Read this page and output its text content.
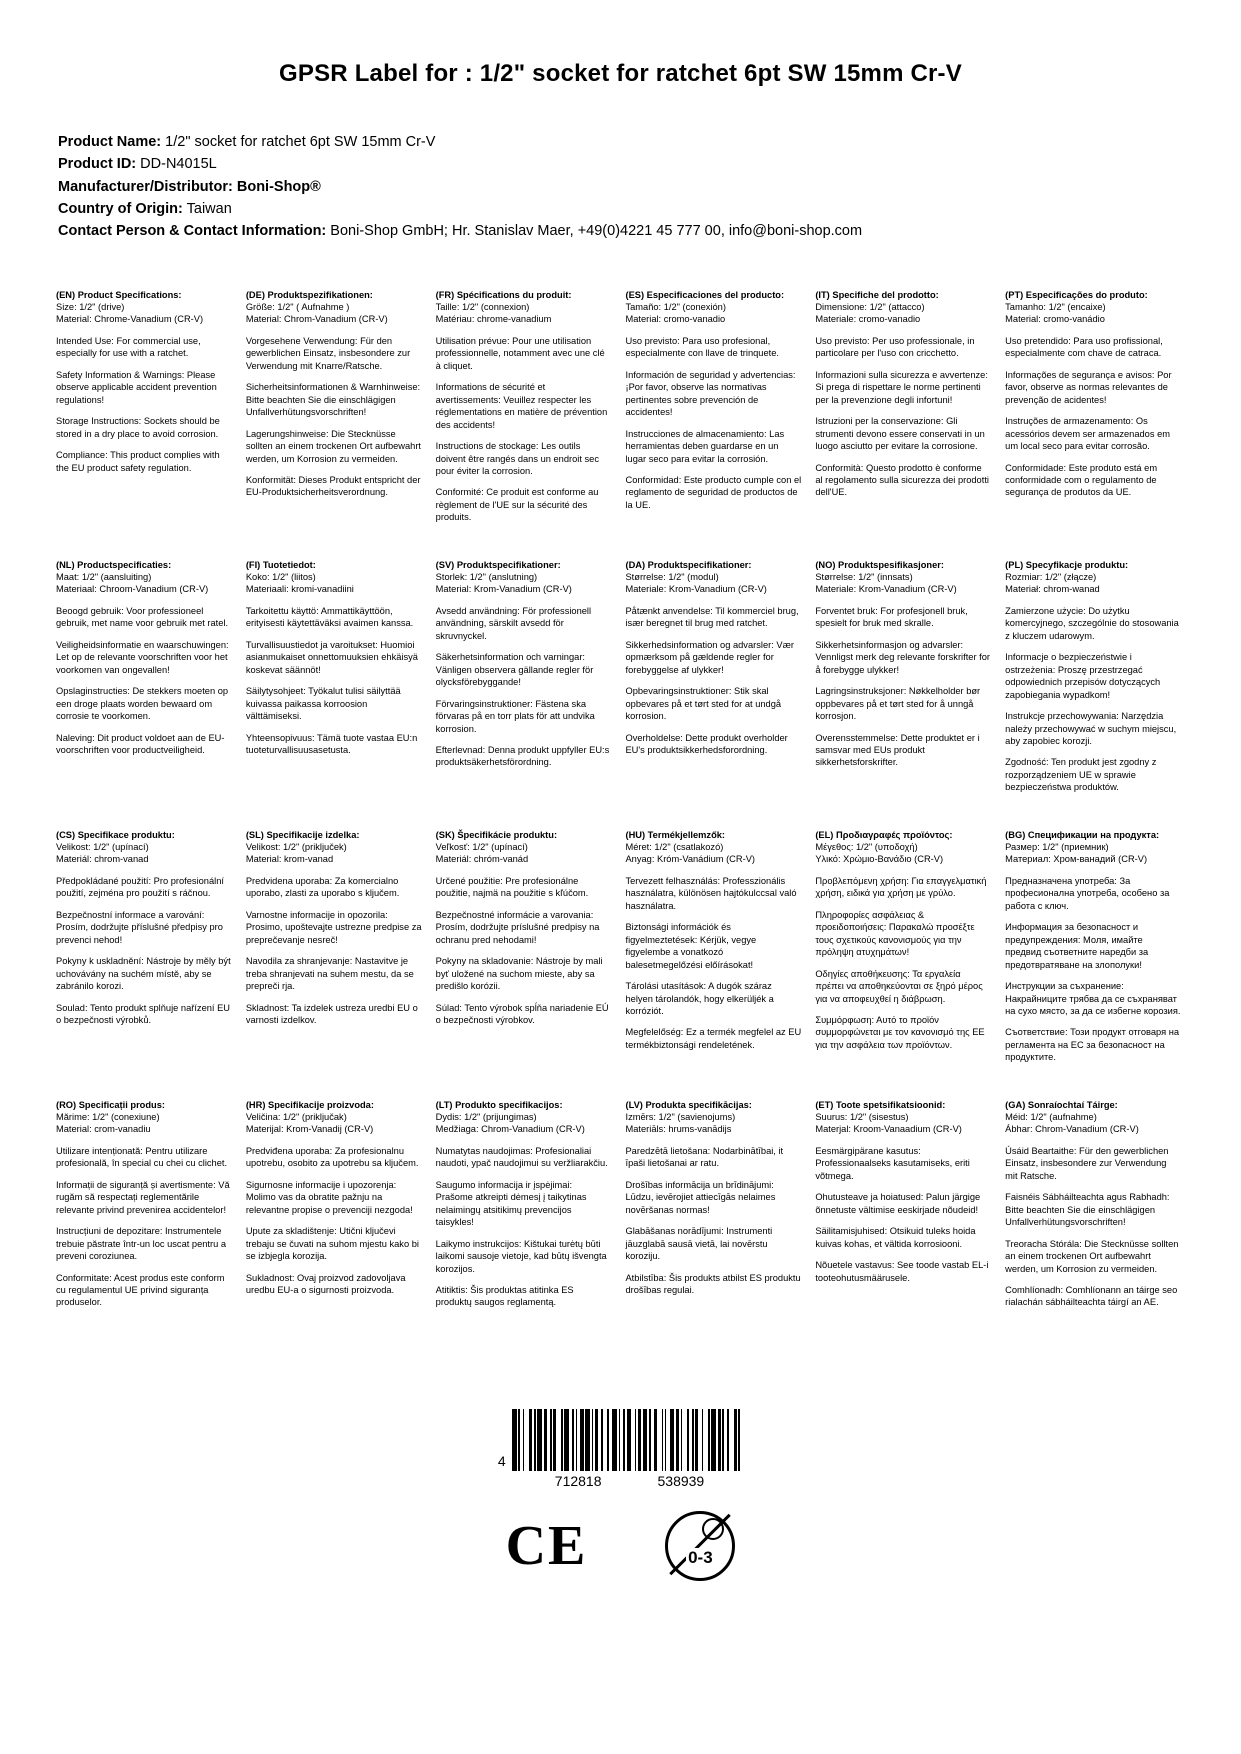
GPSR Label for : 1/2" socket for ratchet 6pt SW 15mm Cr-V
Product Name: 1/2" socket for ratchet 6pt SW 15mm Cr-V
Product ID: DD-N4015L
Manufacturer/Distributor: Boni-Shop®
Country of Origin: Taiwan
Contact Person & Contact Information: Boni-Shop GmbH; Hr. Stanislav Maer, +49(0)4221 45 777 00, info@boni-shop.com
(EN) Product Specifications:

Size: 1/2" (drive)

Material: Chrome-Vanadium (CR-V)

Intended Use: For commercial use, especially for use with a ratchet.

Safety Information & Warnings: Please observe applicable accident prevention regulations!

Storage Instructions: Sockets should be stored in a dry place to avoid corrosion.

Compliance: This product complies with the EU product safety regulation.

(DE) Produktspezifikationen:

Größe: 1/2" ( Aufnahme )

Material: Chrom-Vanadium (CR-V)

Vorgesehene Verwendung: Für den gewerblichen Einsatz, insbesondere zur Verwendung mit Knarre/Ratsche.

Sicherheitsinformationen & Warnhinweise: Bitte beachten Sie die einschlägigen Unfallverhütungsvorschriften!

Lagerungshinweise: Die Stecknüsse sollten an einem trockenen Ort aufbewahrt werden, um Korrosion zu vermeiden.

Konformität: Dieses Produkt entspricht der EU-Produktsicherheitsverordnung.

(FR) Spécifications du produit:

Taille: 1/2" (connexion)

Matériau: chrome-vanadium

Utilisation prévue: Pour une utilisation professionnelle, notamment avec une clé à cliquet.

Informations de sécurité et avertissements: Veuillez respecter les réglementations en matière de prévention des accidents!

Instructions de stockage: Les outils doivent être rangés dans un endroit sec pour éviter la corrosion.

Conformité: Ce produit est conforme au règlement de l'UE sur la sécurité des produits.

(ES) Especificaciones del producto:

Tamaño: 1/2" (conexión)

Material: cromo-vanadio

Uso previsto: Para uso profesional, especialmente con llave de trinquete.

Información de seguridad y advertencias: ¡Por favor, observe las normativas pertinentes sobre prevención de accidentes!

Instrucciones de almacenamiento: Las herramientas deben guardarse en un lugar seco para evitar la corrosión.

Conformidad: Este producto cumple con el reglamento de seguridad de productos de la UE.

(IT) Specifiche del prodotto:

Dimensione: 1/2" (attacco)

Materiale: cromo-vanadio

Uso previsto: Per uso professionale, in particolare per l'uso con cricchetto.

Informazioni sulla sicurezza e avvertenze: Si prega di rispettare le norme pertinenti per la prevenzione degli infortuni!

Istruzioni per la conservazione: Gli strumenti devono essere conservati in un luogo asciutto per evitare la corrosione.

Conformità: Questo prodotto è conforme al regolamento sulla sicurezza dei prodotti dell'UE.

(PT) Especificações do produto:

Tamanho: 1/2" (encaixe)

Material: cromo-vanádio

Uso pretendido: Para uso profissional, especialmente com chave de catraca.

Informações de segurança e avisos: Por favor, observe as normas relevantes de prevenção de acidentes!

Instruções de armazenamento: Os acessórios devem ser armazenados em um local seco para evitar corrosão.

Conformidade: Este produto está em conformidade com o regulamento de segurança de produtos da UE.

(NL) Productspecificaties:

Maat: 1/2" (aansluiting)

Materiaal: Chroom-Vanadium (CR-V)

Beoogd gebruik: Voor professioneel gebruik, met name voor gebruik met ratel.

Veiligheidsinformatie en waarschuwingen: Let op de relevante voorschriften voor het voorkomen van ongevallen!

Opslaginstructies: De stekkers moeten op een droge plaats worden bewaard om corrosie te voorkomen.

Naleving: Dit product voldoet aan de EU-voorschriften voor productveiligheid.

(FI) Tuotetiedot:

Koko: 1/2" (liitos)

Materiaali: kromi-vanadiini

Tarkoitettu käyttö: Ammattikäyttöön, erityisesti käytettäväksi avaimen kanssa.

Turvallisuustiedot ja varoitukset: Huomioi asianmukaiset onnettomuuksien ehkäisyä koskevat säännöt!

Säilytysohjeet: Työkalut tulisi säilyttää kuivassa paikassa korroosion välttämiseksi.

Yhteensopivuus: Tämä tuote vastaa EU:n tuoteturvallisuusasetusta.

(SV) Produktspecifikationer:

Storlek: 1/2" (anslutning)

Material: Krom-Vanadium (CR-V)

Avsedd användning: För professionell användning, särskilt avsedd för skruvnyckel.

Säkerhetsinformation och varningar: Vänligen observera gällande regler för olycksförebyggande!

Förvaringsinstruktioner: Fästena ska förvaras på en torr plats för att undvika korrosion.

Efterlevnad: Denna produkt uppfyller EU:s produktsäkerhetsförordning.

(DA) Produktspecifikationer:

Størrelse: 1/2" (modul)

Materiale: Krom-Vanadium (CR-V)

Påtænkt anvendelse: Til kommerciel brug, især beregnet til brug med ratchet.

Sikkerhedsinformation og advarsler: Vær opmærksom på gældende regler for forebyggelse af ulykker!

Opbevaringsinstruktioner: Stik skal opbevares på et tørt sted for at undgå korrosion.

Overholdelse: Dette produkt overholder EU's produktsikkerhedsforordning.

(NO) Produktspesifikasjoner:

Størrelse: 1/2" (innsats)

Materiale: Krom-Vanadium (CR-V)

Forventet bruk: For profesjonell bruk, spesielt for bruk med skralle.

Sikkerhetsinformasjon og advarsler: Vennligst merk deg relevante forskrifter for å forebygge ulykker!

Lagringsinstruksjoner: Nøkkelholder bør oppbevares på et tørt sted for å unngå korrosjon.

Overensstemmelse: Dette produktet er i samsvar med EUs produkt sikkerhetsforskrifter.

(PL) Specyfikacje produktu:

Rozmiar: 1/2" (złącze)

Materiał: chrom-wanad

Zamierzone użycie: Do użytku komercyjnego, szczególnie do stosowania z kluczem udarowym.

Informacje o bezpieczeństwie i ostrzeżenia: Proszę przestrzegać odpowiednich przepisów dotyczących zapobiegania wypadkom!

Instrukcje przechowywania: Narzędzia należy przechowywać w suchym miejscu, aby zapobiec korozji.

Zgodność: Ten produkt jest zgodny z rozporządzeniem UE w sprawie bezpieczeństwa produktów.

(CS) Specifikace produktu:

Velikost: 1/2" (upínací)

Materiál: chrom-vanad

Předpokládané použití: Pro profesionální použití, zejména pro použití s ráčnou.

Bezpečnostní informace a varování: Prosím, dodržujte příslušné předpisy pro prevenci nehod!

Pokyny k uskladnění: Nástroje by měly být uchovávány na suchém místě, aby se zabránilo korozi.

Soulad: Tento produkt splňuje nařízení EU o bezpečnosti výrobků.

(SL) Specifikacije izdelka:

Velikost: 1/2" (priključek)

Material: krom-vanad

Predvidena uporaba: Za komercialno uporabo, zlasti za uporabo s ključem.

Varnostne informacije in opozorila: Prosimo, upoštevajte ustrezne predpise za preprečevanje nesreč!

Navodila za shranjevanje: Nastavitve je treba shranjevati na suhem mestu, da se prepreči rja.

Skladnost: Ta izdelek ustreza uredbi EU o varnosti izdelkov.

(SK) Špecifikácie produktu:

Veľkosť: 1/2" (upínací)

Materiál: chróm-vanád

Určené použitie: Pre profesionálne použitie, najmä na použitie s kľúčom.

Bezpečnostné informácie a varovania: Prosím, dodržujte príslušné predpisy na ochranu pred nehodami!

Pokyny na skladovanie: Nástroje by mali byť uložené na suchom mieste, aby sa predišlo korózii.

Súlad: Tento výrobok spĺňa nariadenie EÚ o bezpečnosti výrobkov.

(HU) Termékjellemzők:

Méret: 1/2" (csatlakozó)

Anyag: Króm-Vanádium (CR-V)

Tervezett felhasználás: Professzionális használatra, különösen hajtókulccsal való használatra.

Biztonsági információk és figyelmeztetések: Kérjük, vegye figyelembe a vonatkozó balesetmegelőzési előírásokat!

Tárolási utasítások: A dugók száraz helyen tárolandók, hogy elkerüljék a korróziót.

Megfelelőség: Ez a termék megfelel az EU termékbiztonsági rendeletének.

(EL) Προδιαγραφές προϊόντος:

Μέγεθος: 1/2" (υποδοχή)

Υλικό: Χρώμιο-Βανάδιο (CR-V)

Προβλεπόμενη χρήση: Για επαγγελματική χρήση, ειδικά για χρήση με γρύλο.

Πληροφορίες ασφάλειας & προειδοποιήσεις: Παρακαλώ προσέξτε τους σχετικούς κανονισμούς για την πρόληψη ατυχημάτων!

Οδηγίες αποθήκευσης: Τα εργαλεία πρέπει να αποθηκεύονται σε ξηρό μέρος για να αποφευχθεί η διάβρωση.

Συμμόρφωση: Αυτό το προϊόν συμμορφώνεται με τον κανονισμό της ΕΕ για την ασφάλεια των προϊόντων.

(BG) Спецификации на продукта:

Размер: 1/2" (приемник)

Материал: Хром-ванадий (CR-V)

Предназначена употреба: За професионална употреба, особено за работа с ключ.

Информация за безопасност и предупреждения: Моля, имайте предвид съответните наредби за предотвратяване на злополуки!

Инструкции за съхранение: Накрайниците трябва да се съхраняват на сухо място, за да се избегне корозия.

Съответствие: Този продукт отговаря на регламента на ЕС за безопасност на продуктите.

(RO) Specificații produs:

Mărime: 1/2" (conexiune)

Material: crom-vanadiu

Utilizare intenționată: Pentru utilizare profesională, în special cu chei cu clichet.

Informații de siguranță și avertismente: Vă rugăm să respectați reglementările relevante privind prevenirea accidentelor!

Instrucțiuni de depozitare: Instrumentele trebuie păstrate într-un loc uscat pentru a preveni coroziunea.

Conformitate: Acest produs este conform cu regulamentul UE privind siguranța produselor.

(HR) Specifikacije proizvoda:

Veličina: 1/2" (priključak)

Materijal: Krom-Vanadij (CR-V)

Predviđena uporaba: Za profesionalnu upotrebu, osobito za upotrebu sa ključem.

Sigurnosne informacije i upozorenja: Molimo vas da obratite pažnju na relevantne propise o prevenciji nezgoda!

Upute za skladištenje: Utični ključevi trebaju se čuvati na suhom mjestu kako bi se izbjegla korozija.

Sukladnost: Ovaj proizvod zadovoljava uredbu EU-a o sigurnosti proizvoda.

(LT) Produkto specifikacijos:

Dydis: 1/2" (prijungimas)

Medžiaga: Chrom-Vanadium (CR-V)

Numatytas naudojimas: Profesionaliai naudoti, ypač naudojimui su veržliarakčiu.

Saugumo informacija ir įspėjimai: Prašome atkreipti dėmesį į taikytinas nelaimingų atsitikimų prevencijos taisykles!

Laikymo instrukcijos: Kištukai turėtų būti laikomi sausoje vietoje, kad būtų išvengta korozijos.

Atitiktis: Šis produktas atitinka ES produktų saugos reglamentą.

(LV) Produkta specifikācijas:

Izmērs: 1/2" (savienojums)

Materiāls: hrums-vanādijs

Paredzētā lietošana: Nodarbinātībai, it īpaši lietošanai ar ratu.

Drošības informācija un brīdinājumi: Lūdzu, ievērojiet attiecīgās nelaimes novēršanas normas!

Glabāšanas norādījumi: Instrumenti jāuzglabā sausā vietā, lai novērstu koroziju.

Atbilstība: Šis produkts atbilst ES produktu drošības regulai.

(ET) Toote spetsifikatsioonid:

Suurus: 1/2" (sisestus)

Materjal: Kroom-Vanaadium (CR-V)

Eesmärgipärane kasutus: Professionaalseks kasutamiseks, eriti võtmega.

Ohutusteave ja hoiatused: Palun järgige õnnetuste vältimise eeskirjade nõudeid!

Säilitamisjuhised: Otsikuid tuleks hoida kuivas kohas, et vältida korrosiooni.

Nõuetele vastavus: See toode vastab EL-i tooteohutusmäärusele.

(GA) Sonraíochtaí Táirge:

Méid: 1/2" (aufnahme)

Ábhar: Chrom-Vanadium (CR-V)

Úsáid Beartaithe: Für den gewerblichen Einsatz, insbesondere zur Verwendung mit Ratsche.

Faisnéis Sábháilteachta agus Rabhadh: Bitte beachten Sie die einschlägigen Unfallverhütungsvorschriften!

Treoracha Stórála: Die Stecknüsse sollten an einem trockenen Ort aufbewahrt werden, um Korrosion zu vermeiden.

Comhlíonadh: Comhlíonann an táirge seo rialachán sábháilteachta táirgí an AE.

4
712818	538939
CE	0-3
